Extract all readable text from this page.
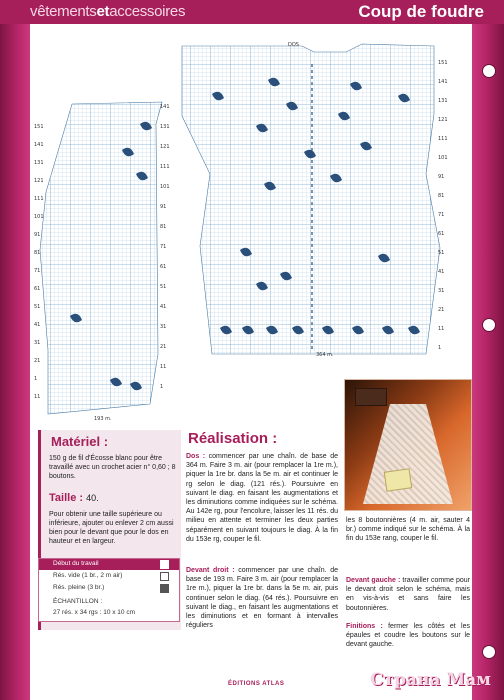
vêtementsetaccessoires	Coup de foudre
DOS
364 m.
193 m.
151
141
131
121
111
101
91
81
71
61
51
41
31
21
11
1
141
131
121
111
101
91
81
71
61
51
41
31
21
11
1
11
1
21
31
41
51
61
71
81
91
101
111
121
131
141
151
Matériel :
150 g de fil d'Écosse blanc pour être travaillé avec un crochet acier n° 0,60 ; 8 boutons.
Taille : 40.
Pour obtenir une taille supérieure ou inférieure, ajouter ou enlever 2 cm aussi bien pour le devant que pour le dos en hauteur et en largeur.
Début du travail
Rés. vide (1 br., 2 m air)
Rés. pleine (3 br.)
ÉCHANTILLON :
27 rés. x 34 rgs : 10 x 10 cm
Réalisation :
Dos : commencer par une chaîn. de base de 364 m. Faire 3 m. air (pour remplacer la 1re m.), piquer la 1re br. dans la 5e m. air et continuer le rg selon le diag. (121 rés.). Poursuivre en suivant le diag. en faisant les augmentations et les diminutions comme indiquées sur le schéma. Au 142e rg, pour l'encolure, laisser les 11 rés. du milieu en attente et terminer les deux parties séparément en suivant toujours le diag. À la fin du 153e rg, couper le fil.
Devant droit : commencer par une chaîn. de base de 193 m. Faire 3 m. air (pour remplacer la 1re m.), piquer la 1re br. dans la 5e m. air, puis continuer selon le diag. (64 rés.). Poursuivre en suivant le diag., en faisant les augmentations et les diminutions et en formant à intervalles réguliers
les 8 boutonnières (4 m. air, sauter 4 br.) comme indiqué sur le schéma. À la fin du 153e rang, couper le fil.
Devant gauche : travailler comme pour le devant droit selon le schéma, mais en vis-à-vis et sans faire les boutonnières.
Finitions : fermer les côtés et les épaules et coudre les boutons sur le devant gauche.
ÉDITIONS ATLAS	Страна Мам
